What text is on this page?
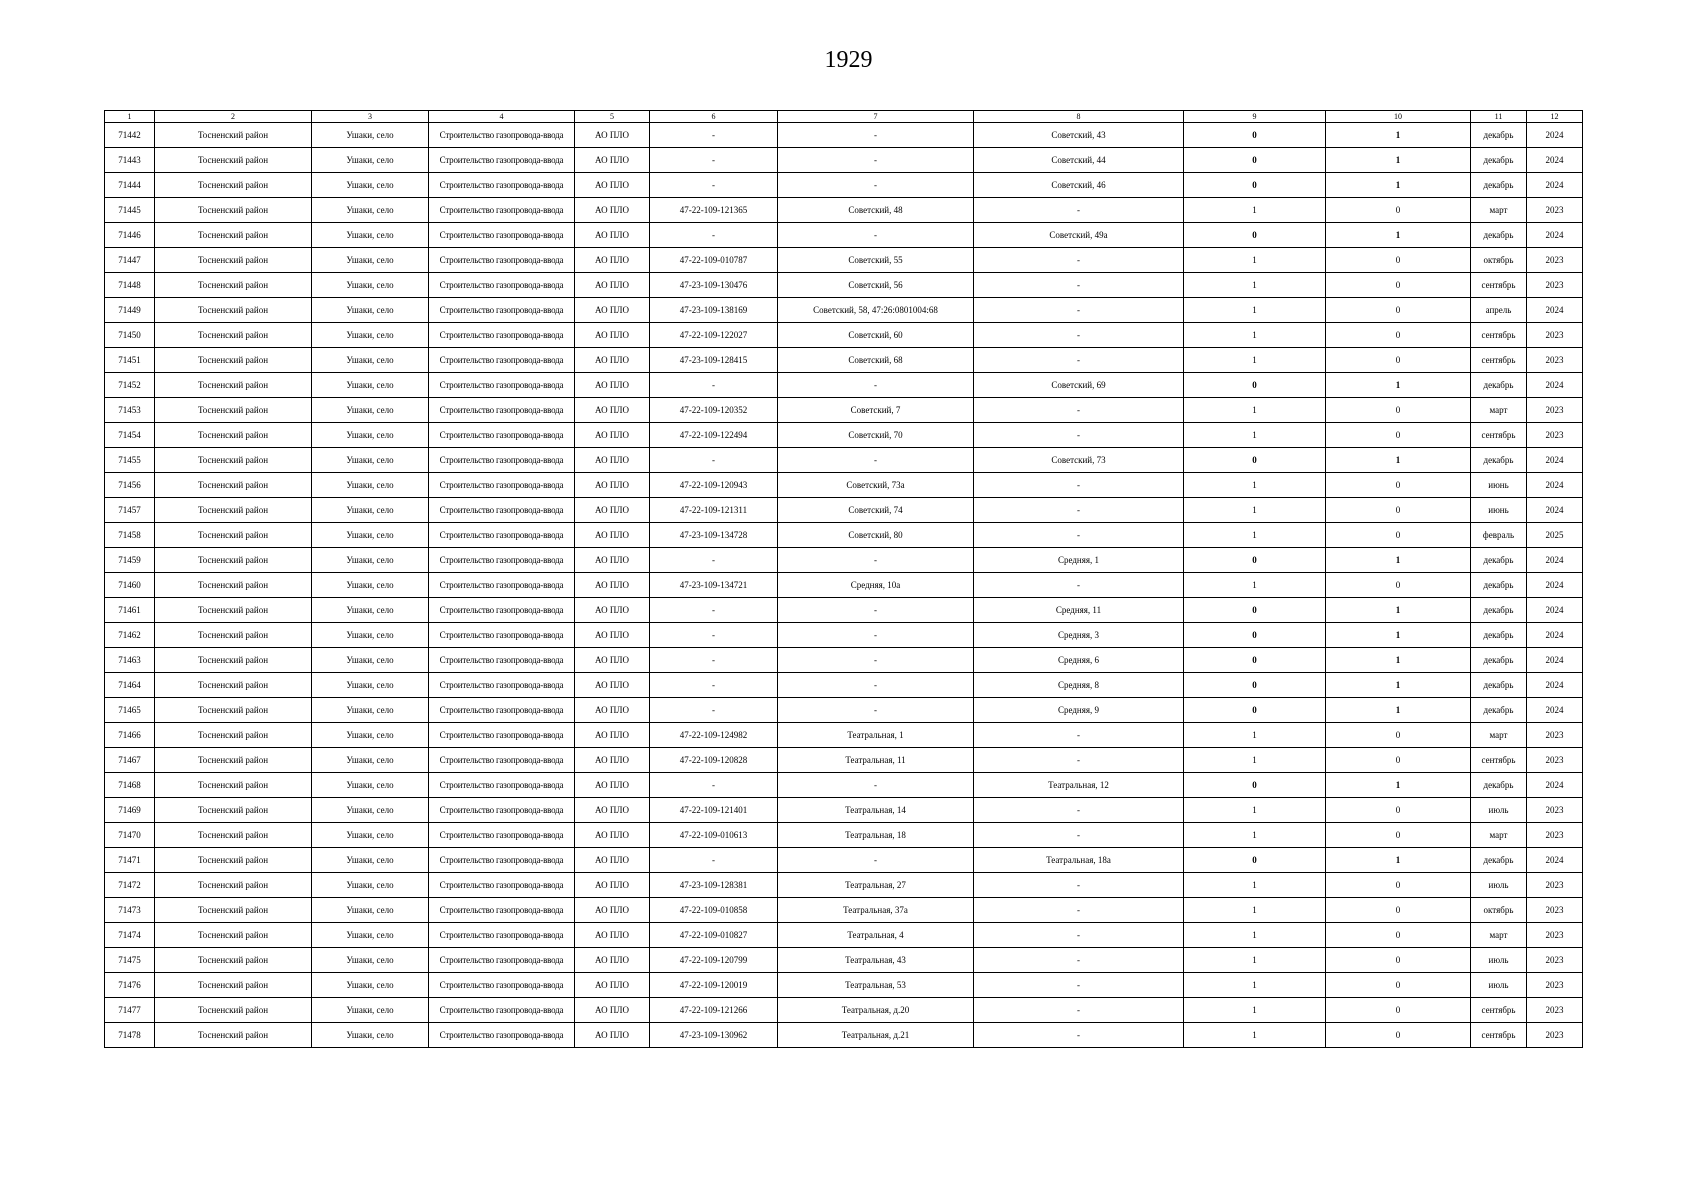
1929
1	2	3	4	5	6	7	8	9	10	11	12
71442	Тосненский район	Ушаки, село	Строительство газопровода-ввода	АО ПЛО	-	-	Советский, 43	0	1	декабрь	2024
71443	Тосненский район	Ушаки, село	Строительство газопровода-ввода	АО ПЛО	-	-	Советский, 44	0	1	декабрь	2024
71444	Тосненский район	Ушаки, село	Строительство газопровода-ввода	АО ПЛО	-	-	Советский, 46	0	1	декабрь	2024
71445	Тосненский район	Ушаки, село	Строительство газопровода-ввода	АО ПЛО	47-22-109-121365	Советский, 48	-	1	0	март	2023
71446	Тосненский район	Ушаки, село	Строительство газопровода-ввода	АО ПЛО	-	-	Советский, 49а	0	1	декабрь	2024
71447	Тосненский район	Ушаки, село	Строительство газопровода-ввода	АО ПЛО	47-22-109-010787	Советский, 55	-	1	0	октябрь	2023
71448	Тосненский район	Ушаки, село	Строительство газопровода-ввода	АО ПЛО	47-23-109-130476	Советский, 56	-	1	0	сентябрь	2023
71449	Тосненский район	Ушаки, село	Строительство газопровода-ввода	АО ПЛО	47-23-109-138169	Советский, 58, 47:26:0801004:68	-	1	0	апрель	2024
71450	Тосненский район	Ушаки, село	Строительство газопровода-ввода	АО ПЛО	47-22-109-122027	Советский, 60	-	1	0	сентябрь	2023
71451	Тосненский район	Ушаки, село	Строительство газопровода-ввода	АО ПЛО	47-23-109-128415	Советский, 68	-	1	0	сентябрь	2023
71452	Тосненский район	Ушаки, село	Строительство газопровода-ввода	АО ПЛО	-	-	Советский, 69	0	1	декабрь	2024
71453	Тосненский район	Ушаки, село	Строительство газопровода-ввода	АО ПЛО	47-22-109-120352	Советский, 7	-	1	0	март	2023
71454	Тосненский район	Ушаки, село	Строительство газопровода-ввода	АО ПЛО	47-22-109-122494	Советский, 70	-	1	0	сентябрь	2023
71455	Тосненский район	Ушаки, село	Строительство газопровода-ввода	АО ПЛО	-	-	Советский, 73	0	1	декабрь	2024
71456	Тосненский район	Ушаки, село	Строительство газопровода-ввода	АО ПЛО	47-22-109-120943	Советский, 73а	-	1	0	июнь	2024
71457	Тосненский район	Ушаки, село	Строительство газопровода-ввода	АО ПЛО	47-22-109-121311	Советский, 74	-	1	0	июнь	2024
71458	Тосненский район	Ушаки, село	Строительство газопровода-ввода	АО ПЛО	47-23-109-134728	Советский, 80	-	1	0	февраль	2025
71459	Тосненский район	Ушаки, село	Строительство газопровода-ввода	АО ПЛО	-	-	Средняя, 1	0	1	декабрь	2024
71460	Тосненский район	Ушаки, село	Строительство газопровода-ввода	АО ПЛО	47-23-109-134721	Средняя, 10а	-	1	0	декабрь	2024
71461	Тосненский район	Ушаки, село	Строительство газопровода-ввода	АО ПЛО	-	-	Средняя, 11	0	1	декабрь	2024
71462	Тосненский район	Ушаки, село	Строительство газопровода-ввода	АО ПЛО	-	-	Средняя, 3	0	1	декабрь	2024
71463	Тосненский район	Ушаки, село	Строительство газопровода-ввода	АО ПЛО	-	-	Средняя, 6	0	1	декабрь	2024
71464	Тосненский район	Ушаки, село	Строительство газопровода-ввода	АО ПЛО	-	-	Средняя, 8	0	1	декабрь	2024
71465	Тосненский район	Ушаки, село	Строительство газопровода-ввода	АО ПЛО	-	-	Средняя, 9	0	1	декабрь	2024
71466	Тосненский район	Ушаки, село	Строительство газопровода-ввода	АО ПЛО	47-22-109-124982	Театральная, 1	-	1	0	март	2023
71467	Тосненский район	Ушаки, село	Строительство газопровода-ввода	АО ПЛО	47-22-109-120828	Театральная, 11	-	1	0	сентябрь	2023
71468	Тосненский район	Ушаки, село	Строительство газопровода-ввода	АО ПЛО	-	-	Театральная, 12	0	1	декабрь	2024
71469	Тосненский район	Ушаки, село	Строительство газопровода-ввода	АО ПЛО	47-22-109-121401	Театральная, 14	-	1	0	июль	2023
71470	Тосненский район	Ушаки, село	Строительство газопровода-ввода	АО ПЛО	47-22-109-010613	Театральная, 18	-	1	0	март	2023
71471	Тосненский район	Ушаки, село	Строительство газопровода-ввода	АО ПЛО	-	-	Театральная, 18а	0	1	декабрь	2024
71472	Тосненский район	Ушаки, село	Строительство газопровода-ввода	АО ПЛО	47-23-109-128381	Театральная, 27	-	1	0	июль	2023
71473	Тосненский район	Ушаки, село	Строительство газопровода-ввода	АО ПЛО	47-22-109-010858	Театральная, 37а	-	1	0	октябрь	2023
71474	Тосненский район	Ушаки, село	Строительство газопровода-ввода	АО ПЛО	47-22-109-010827	Театральная, 4	-	1	0	март	2023
71475	Тосненский район	Ушаки, село	Строительство газопровода-ввода	АО ПЛО	47-22-109-120799	Театральная, 43	-	1	0	июль	2023
71476	Тосненский район	Ушаки, село	Строительство газопровода-ввода	АО ПЛО	47-22-109-120019	Театральная, 53	-	1	0	июль	2023
71477	Тосненский район	Ушаки, село	Строительство газопровода-ввода	АО ПЛО	47-22-109-121266	Театральная, д.20	-	1	0	сентябрь	2023
71478	Тосненский район	Ушаки, село	Строительство газопровода-ввода	АО ПЛО	47-23-109-130962	Театральная, д.21	-	1	0	сентябрь	2023
